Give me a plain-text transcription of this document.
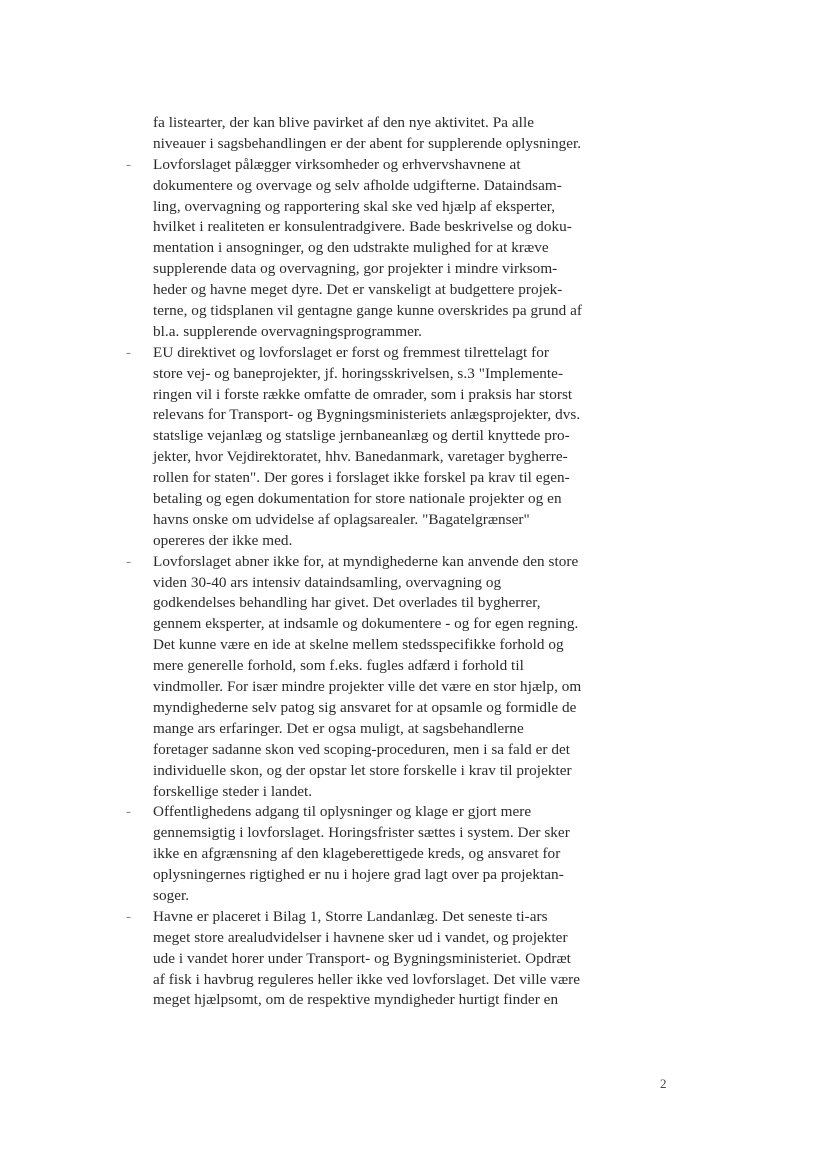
fa listearter, der kan blive pavirket af den nye aktivitet. Pa alle
niveauer i sagsbehandlingen er der abent for supplerende oplysninger.
-	Lovforslaget pålægger virksomheder og erhvervshavnene at
dokumentere og overvage og selv afholde udgifterne. Dataindsam-
ling, overvagning og rapportering skal ske ved hjælp af eksperter,
hvilket i realiteten er konsulentradgivere. Bade beskrivelse og doku-
mentation i ansogninger, og den udstrakte mulighed for at kræve
supplerende data og overvagning, gor projekter i mindre virksom-
heder og havne meget dyre. Det er vanskeligt at budgettere projek-
terne, og tidsplanen vil gentagne gange kunne overskrides pa grund af
bl.a. supplerende overvagningsprogrammer.
-	EU direktivet og lovforslaget er forst og fremmest tilrettelagt for
store vej- og baneprojekter, jf. horingsskrivelsen, s.3 "Implemente-
ringen vil i forste række omfatte de omrader, som i praksis har storst
relevans for Transport- og Bygningsministeriets anlægsprojekter, dvs.
statslige vejanlæg og statslige jernbaneanlæg og dertil knyttede pro-
jekter, hvor Vejdirektoratet, hhv. Banedanmark, varetager bygherre-
rollen for staten". Der gores i forslaget ikke forskel pa krav til egen-
betaling og egen dokumentation for store nationale projekter og en
havns onske om udvidelse af oplagsarealer. "Bagatelgrænser"
opereres der ikke med.
-	Lovforslaget abner ikke for, at myndighederne kan anvende den store
viden 30-40 ars intensiv dataindsamling, overvagning og
godkendelses behandling har givet. Det overlades til bygherrer,
gennem eksperter, at indsamle og dokumentere - og for egen regning.
Det kunne være en ide at skelne mellem stedsspecifikke forhold og
mere generelle forhold, som f.eks. fugles adfærd i forhold til
vindmoller. For især mindre projekter ville det være en stor hjælp, om
myndighederne selv patog sig ansvaret for at opsamle og formidle de
mange ars erfaringer. Det er ogsa muligt, at sagsbehandlerne
foretager sadanne skon ved scoping-proceduren, men i sa fald er det
individuelle skon, og der opstar let store forskelle i krav til projekter
forskellige steder i landet.
-	Offentlighedens adgang til oplysninger og klage er gjort mere
gennemsigtig i lovforslaget. Horingsfrister sættes i system. Der sker
ikke en afgrænsning af den klageberettigede kreds, og ansvaret for
oplysningernes rigtighed er nu i hojere grad lagt over pa projektan-
soger.
-	Havne er placeret i Bilag 1, Storre Landanlæg. Det seneste ti-ars
meget store arealudvidelser i havnene sker ud i vandet, og projekter
ude i vandet horer under Transport- og Bygningsministeriet. Opdræt
af fisk i havbrug reguleres heller ikke ved lovforslaget. Det ville være
meget hjælpsomt, om de respektive myndigheder hurtigt finder en
2
